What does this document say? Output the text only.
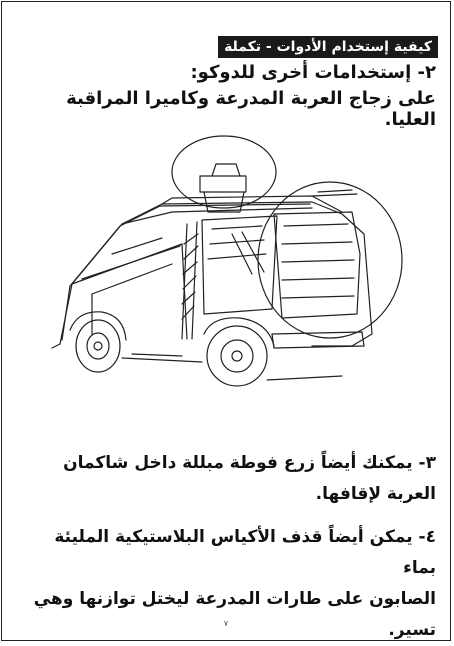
كيفية إستخدام الأدوات - تكملة
٢- إستخدامات أخرى للدوكو:
على زجاج العربة المدرعة وكاميرا المراقبة العليا.
٣- يمكنك أيضاً زرع فوطة مبللة داخل شاكمان
العربة لإقافها.
٤- يمكن أيضاً قذف الأكياس البلاستيكية المليئة بماء
الصابون على طارات المدرعة ليختل توازنها وهي
تسير.
٧
